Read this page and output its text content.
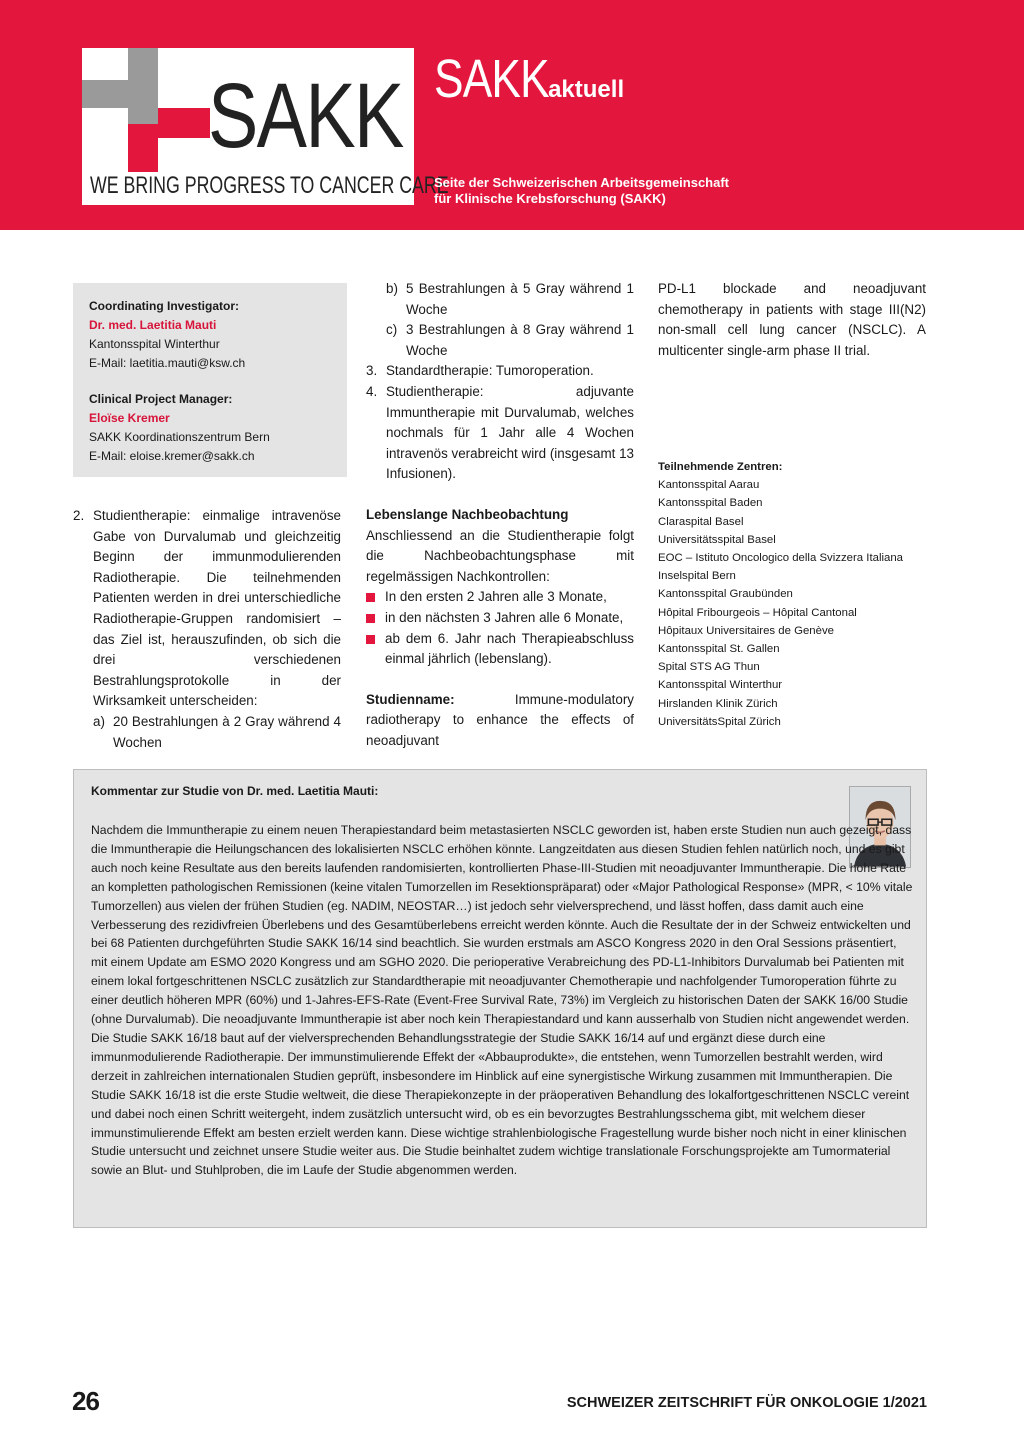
SAKK
WE BRING PROGRESS TO CANCER CARE
SAKKaktuell
Seite der Schweizerischen Arbeitsgemeinschaft
für Klinische Krebsforschung (SAKK)
Coordinating Investigator:
Dr. med. Laetitia Mauti
Kantonsspital Winterthur
E-Mail: laetitia.mauti@ksw.ch
Clinical Project Manager:
Eloïse Kremer
SAKK Koordinationszentrum Bern
E-Mail: eloise.kremer@sakk.ch
2. Studientherapie: einmalige intravenöse Gabe von Durvalumab und gleichzeitig Beginn der immunmodulierenden Radiotherapie. Die teilnehmenden Patienten werden in drei unterschiedliche Radiotherapie-Gruppen randomisiert – das Ziel ist, herauszufinden, ob sich die drei verschiedenen Bestrahlungsprotokolle in der Wirksamkeit unterscheiden:
a) 20 Bestrahlungen à 2 Gray während 4 Wochen
b) 5 Bestrahlungen à 5 Gray während 1 Woche
c) 3 Bestrahlungen à 8 Gray während 1 Woche
3. Standardtherapie: Tumoroperation.
4. Studientherapie: adjuvante Immuntherapie mit Durvalumab, welches nochmals für 1 Jahr alle 4 Wochen intravenös verabreicht wird (insgesamt 13 Infusionen).

Lebenslange Nachbeobachtung

Anschliessend an die Studientherapie folgt die Nachbeobachtungsphase mit regelmässigen Nachkontrollen:

In den ersten 2 Jahren alle 3 Monate,
in den nächsten 3 Jahren alle 6 Monate,
ab dem 6. Jahr nach Therapieabschluss einmal jährlich (lebenslang).

Studienname:	Immune-modulatory radiotherapy to enhance the effects of neoadjuvant

PD-L1 blockade and neoadjuvant chemotherapy in patients with stage III(N2) non-small cell lung cancer (NSCLC). A multicenter single-arm phase II trial.

Teilnehmende Zentren:
Kantonsspital Aarau
Kantonsspital Baden
Claraspital Basel
Universitätsspital Basel
EOC – Istituto Oncologico della Svizzera Italiana
Inselspital Bern
Kantonsspital Graubünden
Hôpital Fribourgeois – Hôpital Cantonal
Hôpitaux Universitaires de Genève
Kantonsspital St. Gallen
Spital STS AG Thun
Kantonsspital Winterthur
Hirslanden Klinik Zürich
UniversitätsSpital Zürich
Kommentar zur Studie von Dr. med. Laetitia Mauti:
Nachdem die Immuntherapie zu einem neuen Therapiestandard beim metastasierten NSCLC geworden ist, haben erste Studien nun auch gezeigt, dass die Immuntherapie die Heilungschancen des lokalisierten NSCLC erhöhen könnte. Langzeitdaten aus diesen Studien fehlen natürlich noch, und es gibt auch noch keine Resultate aus den bereits laufenden randomisierten, kontrollierten Phase-III-Studien mit neoadjuvanter Immuntherapie. Die hohe Rate an kompletten pathologischen Remissionen (keine vitalen Tumorzellen im Resektionspräparat) oder «Major Pathological Response» (MPR, < 10% vitale Tumorzellen) aus vielen der frühen Studien (eg. NADIM, NEOSTAR…) ist jedoch sehr vielversprechend, und lässt hoffen, dass damit auch eine Verbesserung des rezidivfreien Überlebens und des Gesamtüberlebens erreicht werden könnte. Auch die Resultate der in der Schweiz entwickelten und bei 68 Patienten durchgeführten Studie SAKK 16/14 sind beachtlich. Sie wurden erstmals am ASCO Kongress 2020 in den Oral Sessions präsentiert, mit einem Update am ESMO 2020 Kongress und am SGHO 2020. Die perioperative Verabreichung des PD-L1-Inhibitors Durvalumab bei Patienten mit einem lokal fortgeschrittenen NSCLC zusätzlich zur Standardtherapie mit neoadjuvanter Chemotherapie und nachfolgender Tumoroperation führte zu einer deutlich höheren MPR (60%) und 1-Jahres-EFS-Rate (Event-Free Survival Rate, 73%) im Vergleich zu historischen Daten der SAKK 16/00 Studie (ohne Durvalumab). Die neoadjuvante Immuntherapie ist aber noch kein Therapiestandard und kann ausserhalb von Studien nicht angewendet werden. Die Studie SAKK 16/18 baut auf der vielversprechenden Behandlungsstrategie der Studie SAKK 16/14 auf und ergänzt diese durch eine immunmodulierende Radiotherapie. Der immunstimulierende Effekt der «Abbauprodukte», die entstehen, wenn Tumorzellen bestrahlt werden, wird derzeit in zahlreichen internationalen Studien geprüft, insbesondere im Hinblick auf eine synergistische Wirkung zusammen mit Immuntherapien. Die Studie SAKK 16/18 ist die erste Studie weltweit, die diese Therapiekonzepte in der präoperativen Behandlung des lokalfortgeschrittenen NSCLC vereint und dabei noch einen Schritt weitergeht, indem zusätzlich untersucht wird, ob es ein bevorzugtes Bestrahlungsschema gibt, mit welchem dieser immunstimulierende Effekt am besten erzielt werden kann. Diese wichtige strahlenbiologische Fragestellung wurde bisher noch nicht in einer klinischen Studie untersucht und zeichnet unsere Studie weiter aus. Die Studie beinhaltet zudem wichtige translationale Forschungsprojekte am Tumormaterial sowie an Blut- und Stuhlproben, die im Laufe der Studie abgenommen werden.
26	SCHWEIZER ZEITSCHRIFT FÜR ONKOLOGIE 1/2021
